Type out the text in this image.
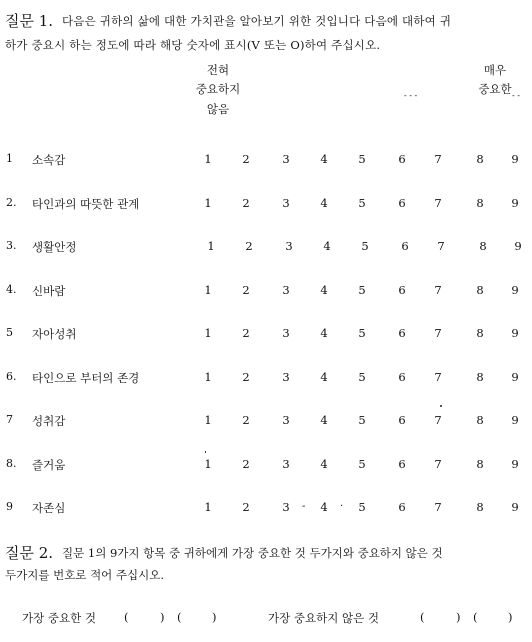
질문 1. 다음은 귀하의 삶에 대한 가치관을 알아보기 위한 것입니다 다음에 대하여 귀
하가 중요시 하는 정도에 따라 해당 숫자에 표시(V 또는 O)하여 주십시오.
전혀
중요하지
않음
매우
중요한
- - -	- -
1 소속감	1	2	3	4	5	6 7	8 9
2. 타인과의 따뜻한 관계	1	2	3	4	5	6 7	8 9
3. 생활안정	1	2	3	4	5	6 7	8 9
4. 신바람	1	2	3	4	5	6 7	8 9
5 자아성취	1	2	3	4	5	6 7	8 9
6. 타인으로 부터의 존경	1	2	3	4	5	6 7	8 9
7 성취감	1	2	3	4	5	6 7	8 9
8. 즐거움	1	2	3	4	5	6 7	8 9
9 자존심	1	2	3	4	5	6 7	8 9
-	·
질문 2. 질문 1의 9가지 항목 중 귀하에게 가장 중요한 것 두가지와 중요하지 않은 것
두가지를 번호로 적어 주십시오.
가장 중요한 것 (	) (	)	가장 중요하지 않은 것	(	) (	)
